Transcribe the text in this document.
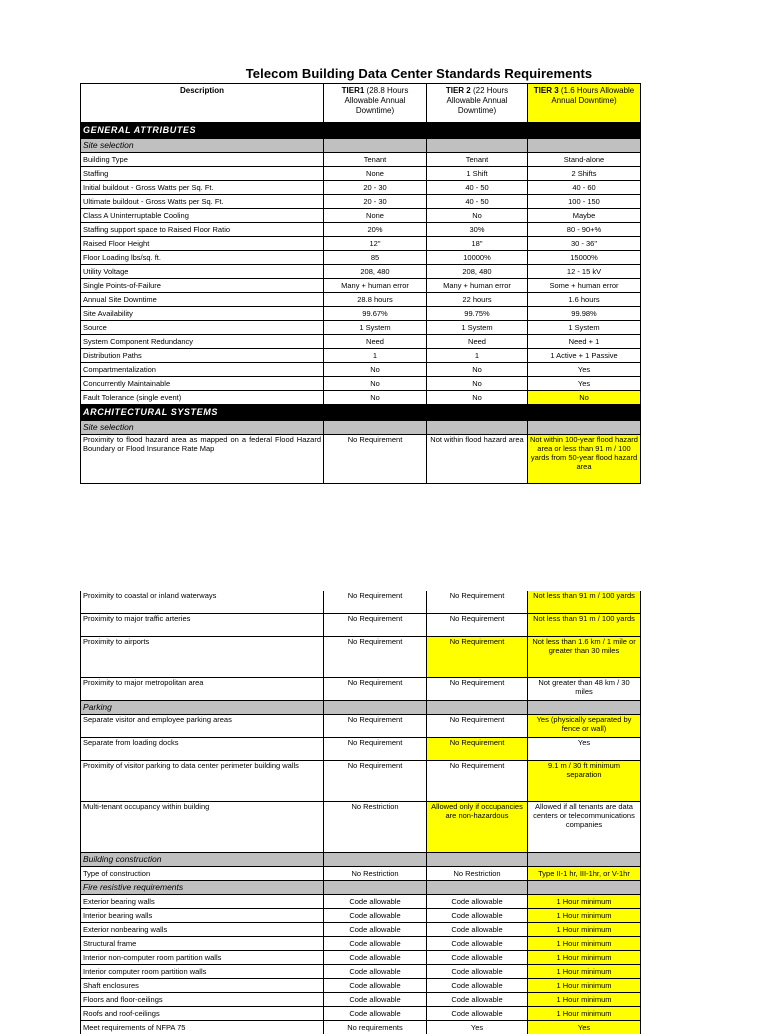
Telecom Building Data Center Standards Requirements
Description	TIER1 (28.8 Hours Allowable Annual Downtime)	TIER 2 (22 Hours Allowable Annual Downtime)	TIER 3 (1.6 Hours Allowable Annual Downtime)
GENERAL ATTRIBUTES			
Site selection			
Building Type	Tenant	Tenant	Stand-alone
Staffing	None	1 Shift	2 Shifts
Initial buildout - Gross Watts per Sq. Ft.	20 - 30	40 - 50	40 - 60
Ultimate buildout - Gross Watts per Sq. Ft.	20 - 30	40 - 50	100 - 150
Class A Uninterruptable Cooling	None	No	Maybe
Staffing support space to Raised Floor Ratio	20%	30%	80 - 90+%
Raised Floor Height	12"	18"	30 - 36"
Floor Loading lbs/sq. ft.	85	10000%	15000%
Utility Voltage	208, 480	208, 480	12 - 15 kV
Single Points-of-Failure	Many + human error	Many + human error	Some + human error
Annual Site Downtime	28.8 hours	22 hours	1.6 hours
Site Availability	99.67%	99.75%	99.98%
Source	1 System	1 System	1 System
System Component Redundancy	Need	Need	Need + 1
Distribution Paths	1	1	1 Active + 1 Passive
Compartmentalization	No	No	Yes
Concurrently Maintainable	No	No	Yes
Fault Tolerance (single event)	No	No	No
ARCHITECTURAL SYSTEMS			
Site selection			
Proximity to flood hazard area as mapped on a federal Flood Hazard Boundary or Flood Insurance Rate Map	No Requirement	Not within flood hazard area	Not within 100-year flood hazard area or less than 91 m / 100 yards from 50-year flood hazard area
Proximity to coastal or inland waterways	No Requirement	No Requirement	Not less than 91 m / 100 yards
Proximity to major traffic arteries	No Requirement	No Requirement	Not less than 91 m / 100 yards
Proximity to airports	No Requirement	No Requirement	Not less than 1.6 km / 1 mile or greater than 30 miles
Proximity to major metropolitan area	No Requirement	No Requirement	Not greater than 48 km / 30 miles
Parking			
Separate visitor and employee parking areas	No Requirement	No Requirement	Yes (physically separated by fence or wall)
Separate from loading docks	No Requirement	No Requirement	Yes
Proximity of visitor parking to data center perimeter building walls	No Requirement	No Requirement	9.1 m / 30 ft minimum separation
Multi-tenant occupancy within building	No Restriction	Allowed only if occupancies are non-hazardous	Allowed if all tenants are data centers or telecommunications companies
Building construction			
Type of construction	No Restriction	No Restriction	Type II-1 hr, III-1hr, or V-1hr
Fire resistive requirements			
Exterior bearing walls	Code allowable	Code allowable	1 Hour minimum
Interior bearing walls	Code allowable	Code allowable	1 Hour minimum
Exterior nonbearing walls	Code allowable	Code allowable	1 Hour minimum
Structural frame	Code allowable	Code allowable	1 Hour minimum
Interior non-computer room partition walls	Code allowable	Code allowable	1 Hour minimum
Interior computer room partition walls	Code allowable	Code allowable	1 Hour minimum
Shaft enclosures	Code allowable	Code allowable	1 Hour minimum
Floors and floor-ceilings	Code allowable	Code allowable	1 Hour minimum
Roofs and roof-ceilings	Code allowable	Code allowable	1 Hour minimum
Meet requirements of NFPA 75	No requirements	Yes	Yes
